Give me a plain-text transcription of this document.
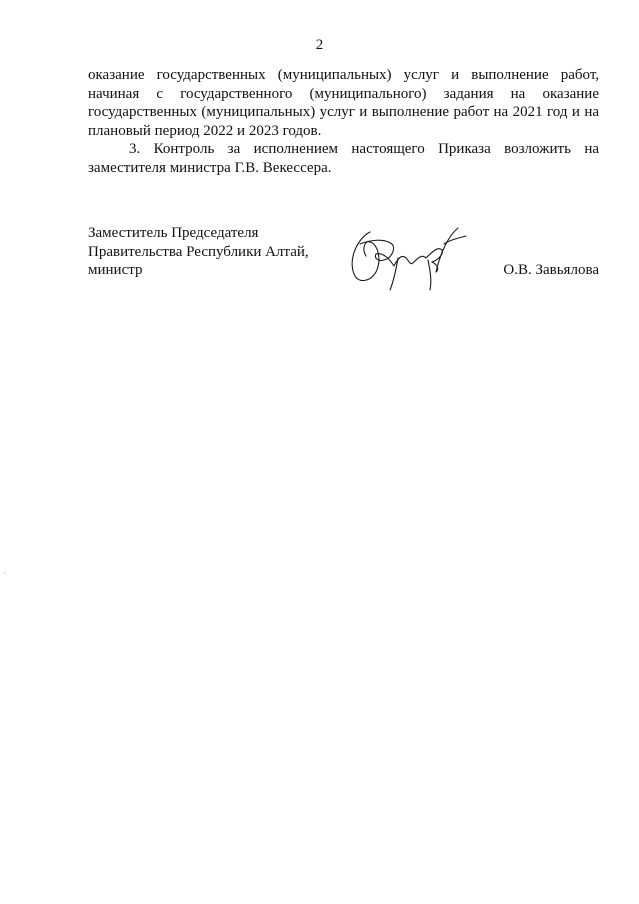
2
оказание государственных (муниципальных) услуг и выполнение работ,
начиная с государственного (муниципального) задания на оказание
государственных (муниципальных) услуг и выполнение работ на 2021 год и на
плановый период 2022 и 2023 годов.
3. Контроль за исполнением настоящего Приказа возложить на
заместителя министра Г.В. Векессера.
Заместитель Председателя
Правительства Республики Алтай,
министр	О.В. Завьялова
